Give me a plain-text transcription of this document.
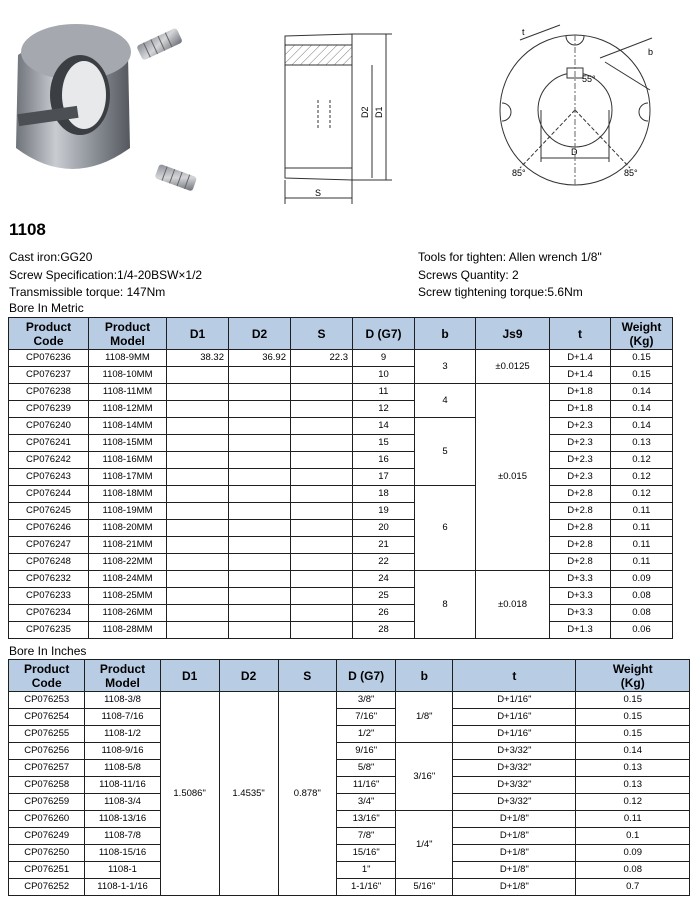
D2 D1
S
t
b
55°
D
85°	85°
1108
Cast iron:GG20
Screw Specification:1/4-20BSW×1/2
Transmissible torque: 147Nm
Tools for tighten: Allen wrench 1/8"
Screws Quantity: 2
Screw tightening torque:5.6Nm
Bore In Metric
Product
Code	Product
Model	D1	D2	S	D (G7)	b	Js9	t	Weight
(Kg)
CP076236	1108-9MM	38.32	36.92	22.3	9	3	±0.0125	D+1.4	0.15
CP076237	1108-10MM				10			D+1.4	0.15
CP076238	1108-11MM				11	4	±0.015	D+1.8	0.14
CP076239	1108-12MM				12			D+1.8	0.14
CP076240	1108-14MM				14	5		D+2.3	0.14
CP076241	1108-15MM				15			D+2.3	0.13
CP076242	1108-16MM				16			D+2.3	0.12
CP076243	1108-17MM				17			D+2.3	0.12
CP076244	1108-18MM				18	6		D+2.8	0.12
CP076245	1108-19MM				19			D+2.8	0.11
CP076246	1108-20MM				20			D+2.8	0.11
CP076247	1108-21MM				21			D+2.8	0.11
CP076248	1108-22MM				22			D+2.8	0.11
CP076232	1108-24MM				24	8	±0.018	D+3.3	0.09
CP076233	1108-25MM				25			D+3.3	0.08
CP076234	1108-26MM				26			D+3.3	0.08
CP076235	1108-28MM				28			D+1.3	0.06
Bore In Inches
Product
Code	Product
Model	D1	D2	S	D (G7)	b	t	Weight
(Kg)
CP076253	1108-3/8	1.5086"	1.4535"	0.878"	3/8"	1/8"	D+1/16"	0.15
CP076254	1108-7/16				7/16"		D+1/16"	0.15
CP076255	1108-1/2				1/2"		D+1/16"	0.15
CP076256	1108-9/16				9/16"	3/16"	D+3/32"	0.14
CP076257	1108-5/8				5/8"		D+3/32"	0.13
CP076258	1108-11/16				11/16"		D+3/32"	0.13
CP076259	1108-3/4				3/4"		D+3/32"	0.12
CP076260	1108-13/16				13/16"	1/4"	D+1/8"	0.11
CP076249	1108-7/8				7/8"		D+1/8"	0.1
CP076250	1108-15/16				15/16"		D+1/8"	0.09
CP076251	1108-1				1"		D+1/8"	0.08
CP076252	1108-1-1/16				1-1/16"	5/16"	D+1/8"	0.7
